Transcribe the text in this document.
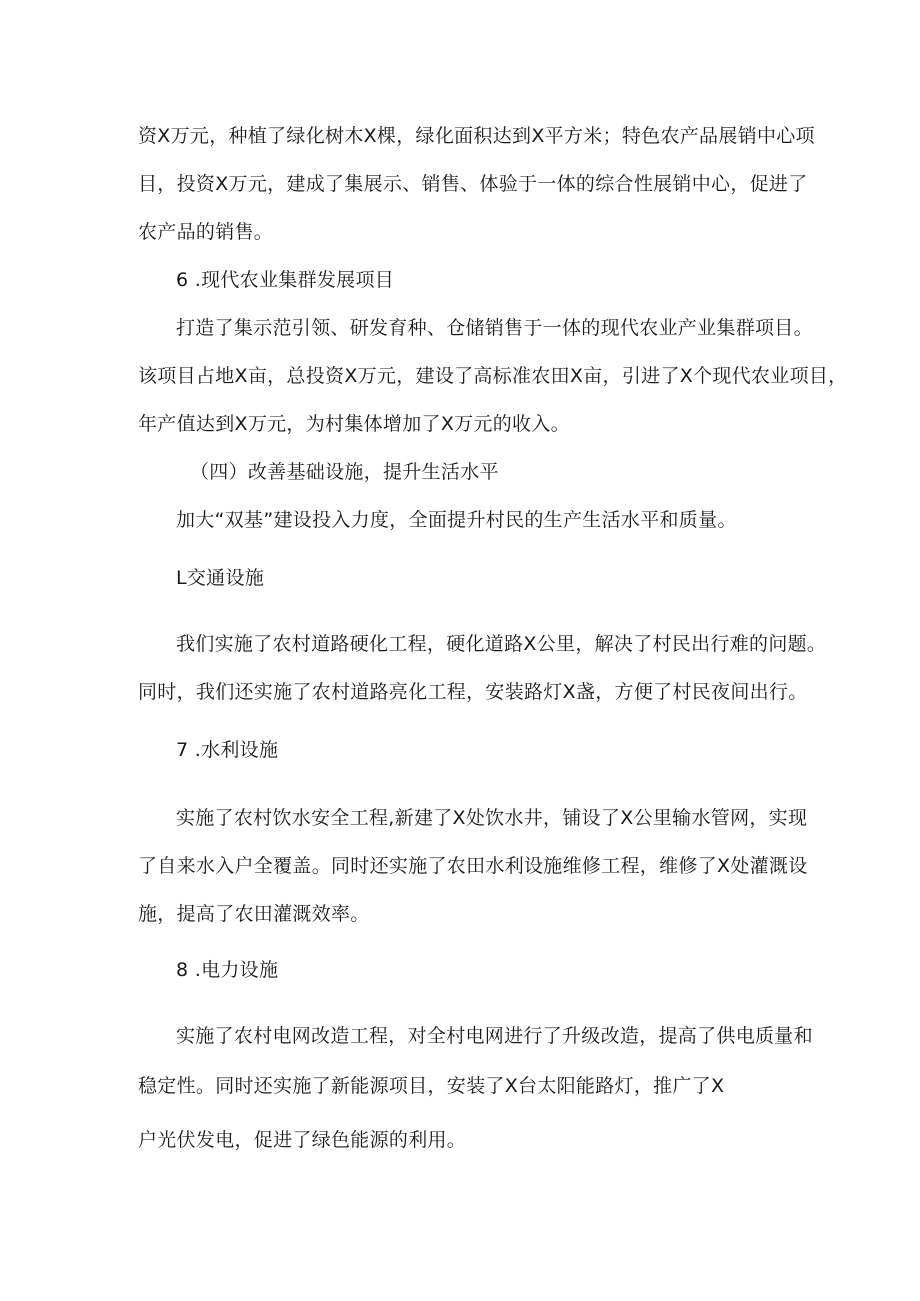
资X万元，种植了绿化树木X棵，绿化面积达到X平方米；特色农产品展销中心项
目，投资X万元，建成了集展示、销售、体验于一体的综合性展销中心，促进了
农产品的销售。
6 .现代农业集群发展项目
打造了集示范引领、研发育种、仓储销售于一体的现代农业产业集群项目。
该项目占地X亩，总投资X万元，建设了高标准农田X亩，引进了X个现代农业项目，
年产值达到X万元，为村集体增加了X万元的收入。
（四）改善基础设施，提升生活水平
加大“双基”建设投入力度，全面提升村民的生产生活水平和质量。
L交通设施
我们实施了农村道路硬化工程，硬化道路X公里，解决了村民出行难的问题。
同时，我们还实施了农村道路亮化工程，安装路灯X盏，方便了村民夜间出行。
7 .水利设施
实施了农村饮水安全工程,新建了X处饮水井，铺设了X公里输水管网，实现
了自来水入户全覆盖。同时还实施了农田水利设施维修工程，维修了X处灌溉设
施，提高了农田灌溉效率。
8 .电力设施
实施了农村电网改造工程，对全村电网进行了升级改造，提高了供电质量和
稳定性。同时还实施了新能源项目，安装了X台太阳能路灯，推广了X
户光伏发电，促进了绿色能源的利用。
